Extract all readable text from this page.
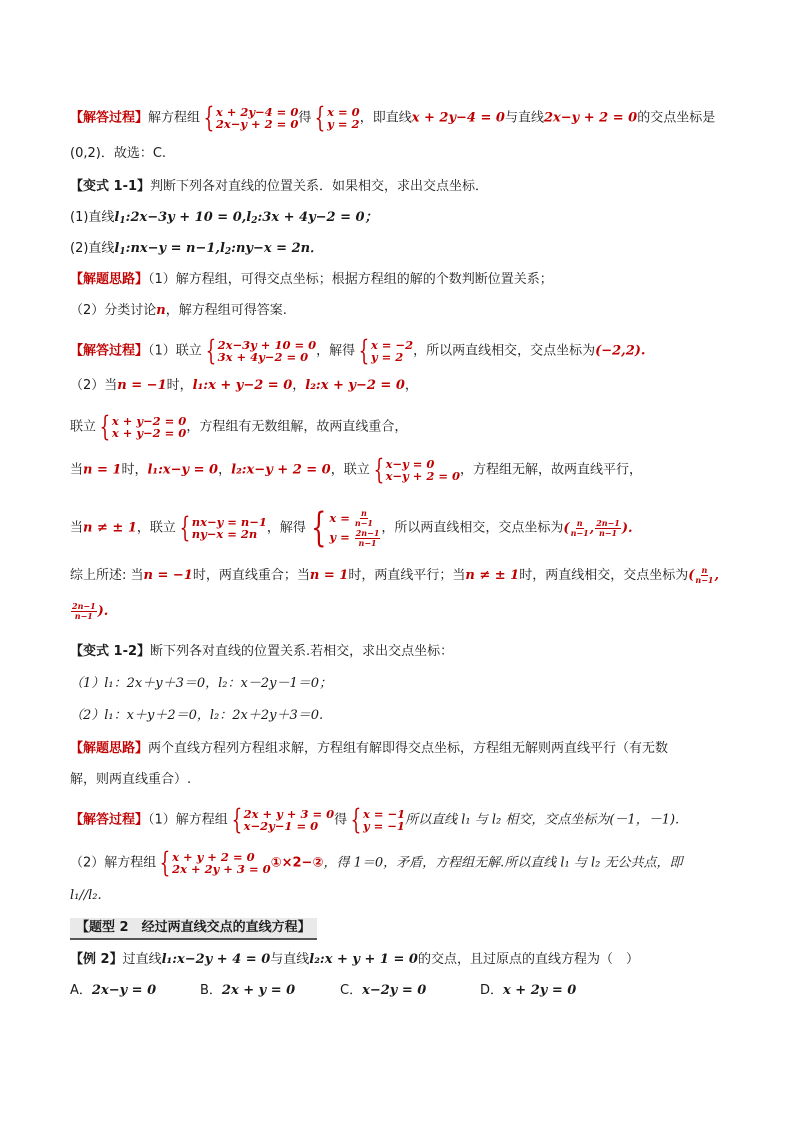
【解答过程】解方程组 { x + 2y−4 = 0
2x−y + 2 = 0 得 { x = 0
y = 2 ，即直线x + 2y−4 = 0与直线2x−y + 2 = 0的交点坐标是
(0,2)．故选：C.
【变式 1-1】判断下列各对直线的位置关系．如果相交，求出交点坐标．
(1)直线$l_1:2x-3y + 10$ = $0,l_2:3x + 4y-2 = 0$；
(2)直线$l_1:nx-y$ = $n-1,l_2:ny-x = 2n$．
【解题思路】（1）解方程组，可得交点坐标；根据方程组的解的个数判断位置关系；
（2）分类讨论n，解方程组可得答案.
【解答过程】（1）联立 { 2x−3y + 10 = 0
3x + 4y−2 = 0 ，解得 { x = −2
y = 2 ，所以两直线相交，交点坐标为(−2,2).
（2）当n = −1时，l₁:x + y−2 = 0，l₂:x + y−2 = 0，
联立 { x + y−2 = 0
x + y−2 = 0 ，方程组有无数组解，故两直线重合，
当n = 1时，l₁:x−y = 0，l₂:x−y + 2 = 0，联立 { x−y = 0
x−y + 2 = 0 ，方程组无解，故两直线平行，
当n ≠ ± 1，联立 { nx−y = n−1
ny−x = 2n ，解得 { $x = \frac{n}{n-1}$
$y = \frac{2n-1}{n-1}$
，所以两直线相交，交点坐标为( $\frac{n}{n-1}$ , $\frac{2n-1}{n-1}$ ).
综上所述: 当n = −1时，两直线重合；当n = 1时，两直线平行；当n ≠ ± 1时，两直线相交，交点坐标为( $\frac{n}{n-1}$ ,
$\frac{2n-1}{n-1}$ ).
【变式 1-2】断下列各对直线的位置关系.若相交，求出交点坐标：
（1）l₁：2x＋y＋3＝0，l₂：x－2y－1＝0；
（2）l₁：x＋y＋2＝0，l₂：2x＋2y＋3＝0.
【解题思路】两个直线方程列方程组求解，方程组有解即得交点坐标，方程组无解则两直线平行（有无数
解，则两直线重合）.
【解答过程】（1）解方程组 { 2x + y + 3 = 0
x−2y−1 = 0	得 { x = −1
y = −1 所以直线 l₁ 与 l₂ 相交，交点坐标为(－1，－1).
（2）解方程组 { x + y + 2 = 0
2x + 2y + 3 = 0 ①×2−②，得 1＝0，矛盾，方程组无解.所以直线 l₁ 与 l₂ 无公共点，即
l₁//l₂.
【题型 2　经过两直线交点的直线方程】
【例 2】过直线l₁:x−2y + 4 = 0与直线l₂:x + y + 1 = 0的交点，且过原点的直线方程为（　）
A．2x−y = 0	B．2x + y = 0	C．x−2y = 0	D．x + 2y = 0
